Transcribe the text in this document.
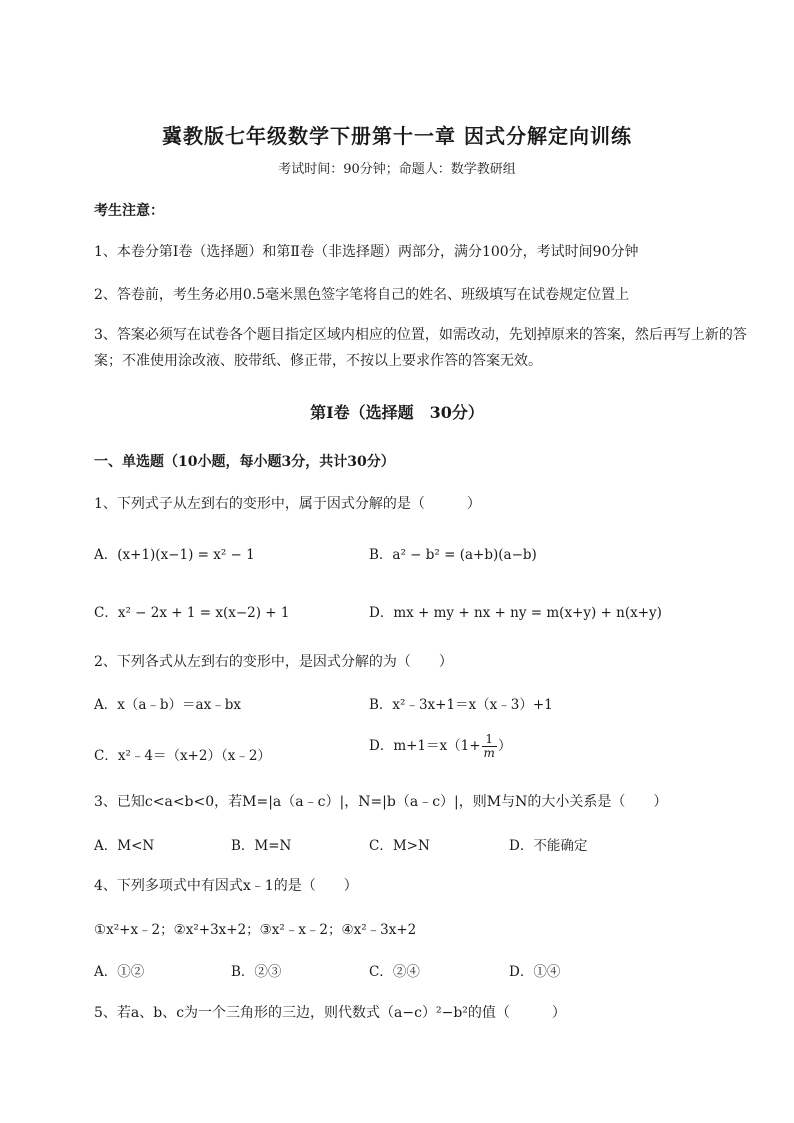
冀教版七年级数学下册第十一章 因式分解定向训练
考试时间：90分钟；命题人：数学教研组
考生注意：
1、本卷分第I卷（选择题）和第Ⅱ卷（非选择题）两部分，满分100分，考试时间90分钟
2、答卷前，考生务必用0.5毫米黑色签字笔将自己的姓名、班级填写在试卷规定位置上
3、答案必须写在试卷各个题目指定区域内相应的位置，如需改动，先划掉原来的答案，然后再写上新的答案；不准使用涂改液、胶带纸、修正带，不按以上要求作答的答案无效。
第I卷（选择题　30分）
一、单选题（10小题，每小题3分，共计30分）
1、下列式子从左到右的变形中，属于因式分解的是（　　　）
A．(x+1)(x−1) = x² − 1	B．a² − b² = (a+b)(a−b)
C．x² − 2x + 1 = x(x−2) + 1	D．mx + my + nx + ny = m(x+y) + n(x+y)
2、下列各式从左到右的变形中，是因式分解的为（　　）
A．x（a﹣b）＝ax﹣bx	B．x²﹣3x+1＝x（x﹣3）+1
C．x²﹣4＝（x+2）（x﹣2）
D．$m+1=x(1+ \frac{1}{m}$ ）
3、已知c<a<b<0，若M=|a（a﹣c）|，N=|b（a﹣c）|，则M与N的大小关系是（　　）
A．M<N	B．M=N	C．M>N	D．不能确定
4、下列多项式中有因式x﹣1的是（　　）
①x²+x﹣2；②x²+3x+2；③x²﹣x﹣2；④x²﹣3x+2
A．①②	B．②③	C．②④	D．①④
5、若a、b、c为一个三角形的三边，则代数式（a−c）²−b²的值（　　　）
